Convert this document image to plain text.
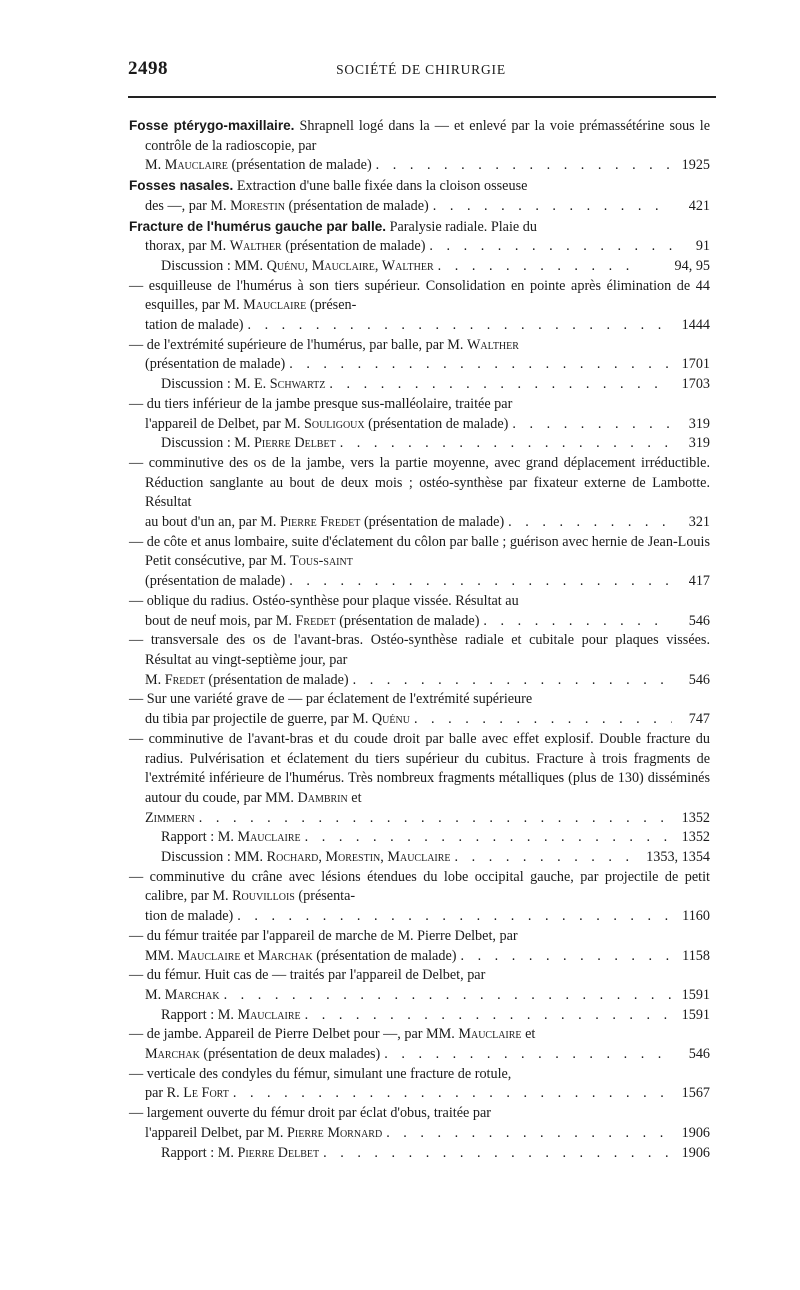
2498	SOCIÉTÉ DE CHIRURGIE

Fosse ptérygo-maxillaire. Shrapnell logé dans la — et enlevé par la voie prémassétérine sous le contrôle de la radioscopie, par
M. Mauclaire (présentation de malade) . . .	1925

Fosses nasales. Extraction d'une balle fixée dans la cloison osseuse
des —, par M. Morestin (présentation de malade) . . .	421

Fracture de l'humérus gauche par balle. Paralysie radiale. Plaie du
thorax, par M. Walther (présentation de malade) . . .	91

Discussion : MM. Quénu, Mauclaire, Walther . . .	94, 95

— esquilleuse de l'humérus à son tiers supérieur. Consolidation en pointe après élimination de 44 esquilles, par M. Mauclaire (présen-
tation de malade) . . .	1444

— de l'extrémité supérieure de l'humérus, par balle, par M. Walther
(présentation de malade) . . .	1701

Discussion : M. E. Schwartz . . .	1703

— du tiers inférieur de la jambe presque sus-malléolaire, traitée par
l'appareil de Delbet, par M. Souligoux (présentation de malade) . . .	319

Discussion : M. Pierre Delbet . . .	319

— comminutive des os de la jambe, vers la partie moyenne, avec grand déplacement irréductible. Réduction sanglante au bout de deux mois ; ostéo-synthèse par fixateur externe de Lambotte. Résultat
au bout d'un an, par M. Pierre Fredet (présentation de malade) . . .	321

— de côte et anus lombaire, suite d'éclatement du côlon par balle ; guérison avec hernie de Jean-Louis Petit consécutive, par M. Tous-saint
(présentation de malade) . . .	417

— oblique du radius. Ostéo-synthèse pour plaque vissée. Résultat au
bout de neuf mois, par M. Fredet (présentation de malade) . . .	546

— transversale des os de l'avant-bras. Ostéo-synthèse radiale et cubitale pour plaques vissées. Résultat au vingt-septième jour, par
M. Fredet (présentation de malade) . . .	546

— Sur une variété grave de — par éclatement de l'extrémité supérieure
du tibia par projectile de guerre, par M. Quénu . . .	747

— comminutive de l'avant-bras et du coude droit par balle avec effet explosif. Double fracture du radius. Pulvérisation et éclatement du tiers supérieur du cubitus. Fracture à trois fragments de l'extrémité inférieure de l'humérus. Très nombreux fragments métalliques (plus de 130) disséminés autour du coude, par MM. Dambrin et
Zimmern . . .	1352

Rapport : M. Mauclaire . . .	1352

Discussion : MM. Rochard, Morestin, Mauclaire . . .	1353, 1354

— comminutive du crâne avec lésions étendues du lobe occipital gauche, par projectile de petit calibre, par M. Rouvillois (présenta-
tion de malade) . . .	1160

— du fémur traitée par l'appareil de marche de M. Pierre Delbet, par
MM. Mauclaire et Marchak (présentation de malade) . . .	1158

— du fémur. Huit cas de — traités par l'appareil de Delbet, par
M. Marchak . . .	1591

Rapport : M. Mauclaire . . .	1591

— de jambe. Appareil de Pierre Delbet pour —, par MM. Mauclaire et
Marchak (présentation de deux malades) . . .	546

— verticale des condyles du fémur, simulant une fracture de rotule,
par R. Le Fort . . .	1567

— largement ouverte du fémur droit par éclat d'obus, traitée par
l'appareil Delbet, par M. Pierre Mornard . . .	1906

Rapport : M. Pierre Delbet . . .	1906
